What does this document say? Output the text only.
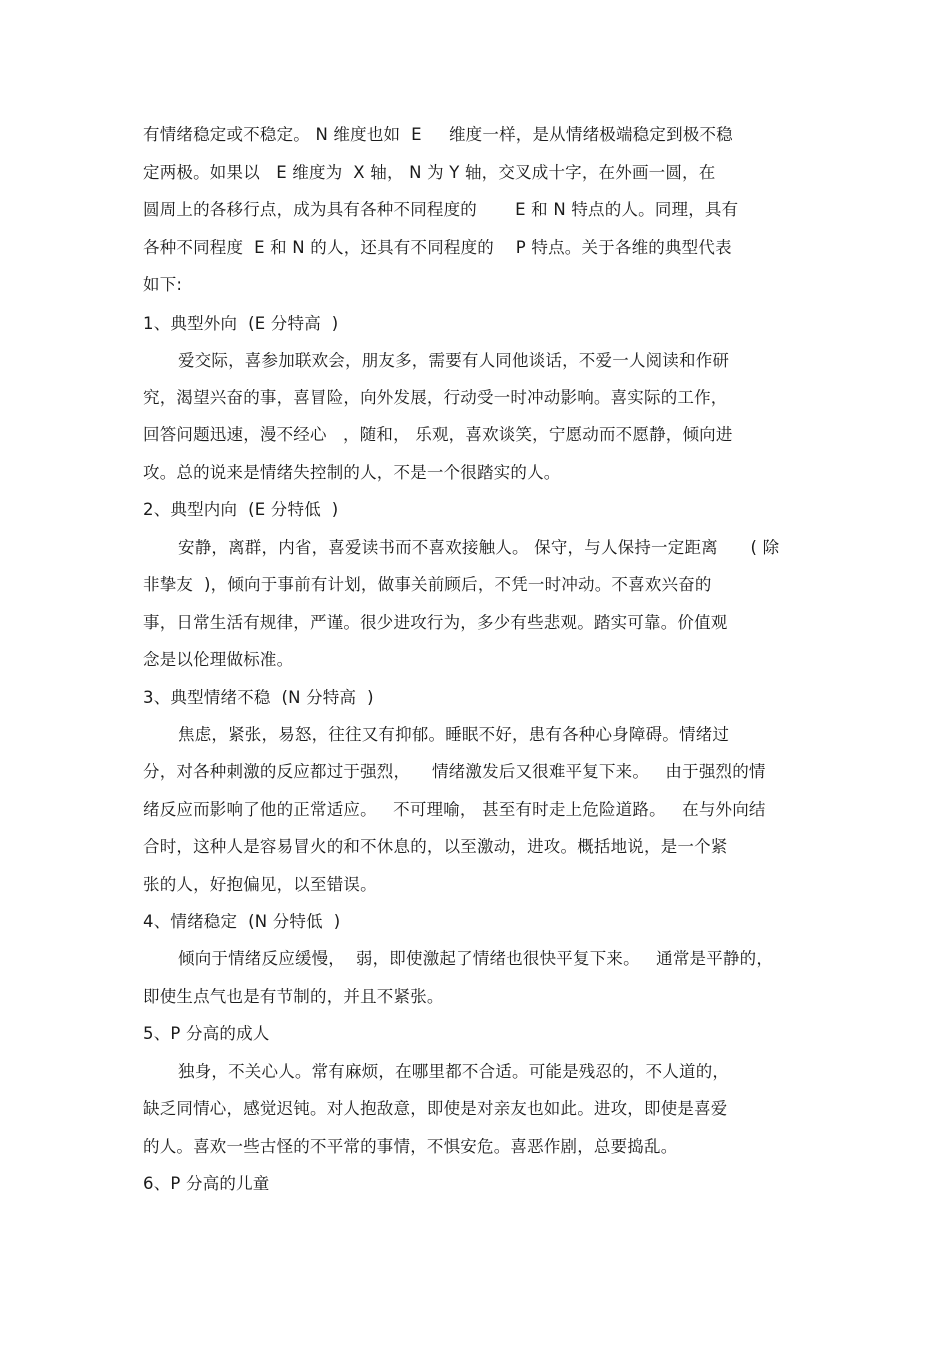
有情绪稳定或不稳定。 N 维度也如  E     维度一样，是从情绪极端稳定到极不稳
定两极。如果以   E 维度为  X 轴， N 为 Y 轴，交叉成十字，在外画一圆，在
圆周上的各移行点，成为具有各种不同程度的       E 和 N 特点的人。同理，具有
各种不同程度  E 和 N 的人，还具有不同程度的    P 特点。关于各维的典型代表
如下:
1、典型外向  (E 分特高  )
爱交际，喜参加联欢会，朋友多，需要有人同他谈话，不爱一人阅读和作研
究，渴望兴奋的事，喜冒险，向外发展，行动受一时冲动影响。喜实际的工作，
回答问题迅速，漫不经心   ，随和， 乐观，喜欢谈笑，宁愿动而不愿静，倾向进
攻。总的说来是情绪失控制的人，不是一个很踏实的人。
2、典型内向  (E 分特低  )
安静，离群，内省，喜爱读书而不喜欢接触人。 保守，与人保持一定距离      ( 除
非挚友  )，倾向于事前有计划，做事关前顾后，不凭一时冲动。不喜欢兴奋的
事，日常生活有规律，严谨。很少进攻行为，多少有些悲观。踏实可靠。价值观
念是以伦理做标准。
3、典型情绪不稳  (N 分特高  )
焦虑，紧张，易怒，往往又有抑郁。睡眠不好，患有各种心身障碍。情绪过
分，对各种刺激的反应都过于强烈，    情绪激发后又很难平复下来。   由于强烈的情
绪反应而影响了他的正常适应。   不可理喻， 甚至有时走上危险道路。   在与外向结
合时，这种人是容易冒火的和不休息的，以至激动，进攻。概括地说，是一个紧
张的人，好抱偏见，以至错误。
4、情绪稳定  (N 分特低  )
倾向于情绪反应缓慢，  弱，即使激起了情绪也很快平复下来。   通常是平静的，
即使生点气也是有节制的，并且不紧张。
5、P 分高的成人
独身，不关心人。常有麻烦，在哪里都不合适。可能是残忍的，不人道的，
缺乏同情心，感觉迟钝。对人抱敌意，即使是对亲友也如此。进攻，即使是喜爱
的人。喜欢一些古怪的不平常的事情，不惧安危。喜恶作剧，总要捣乱。
6、P 分高的儿童
